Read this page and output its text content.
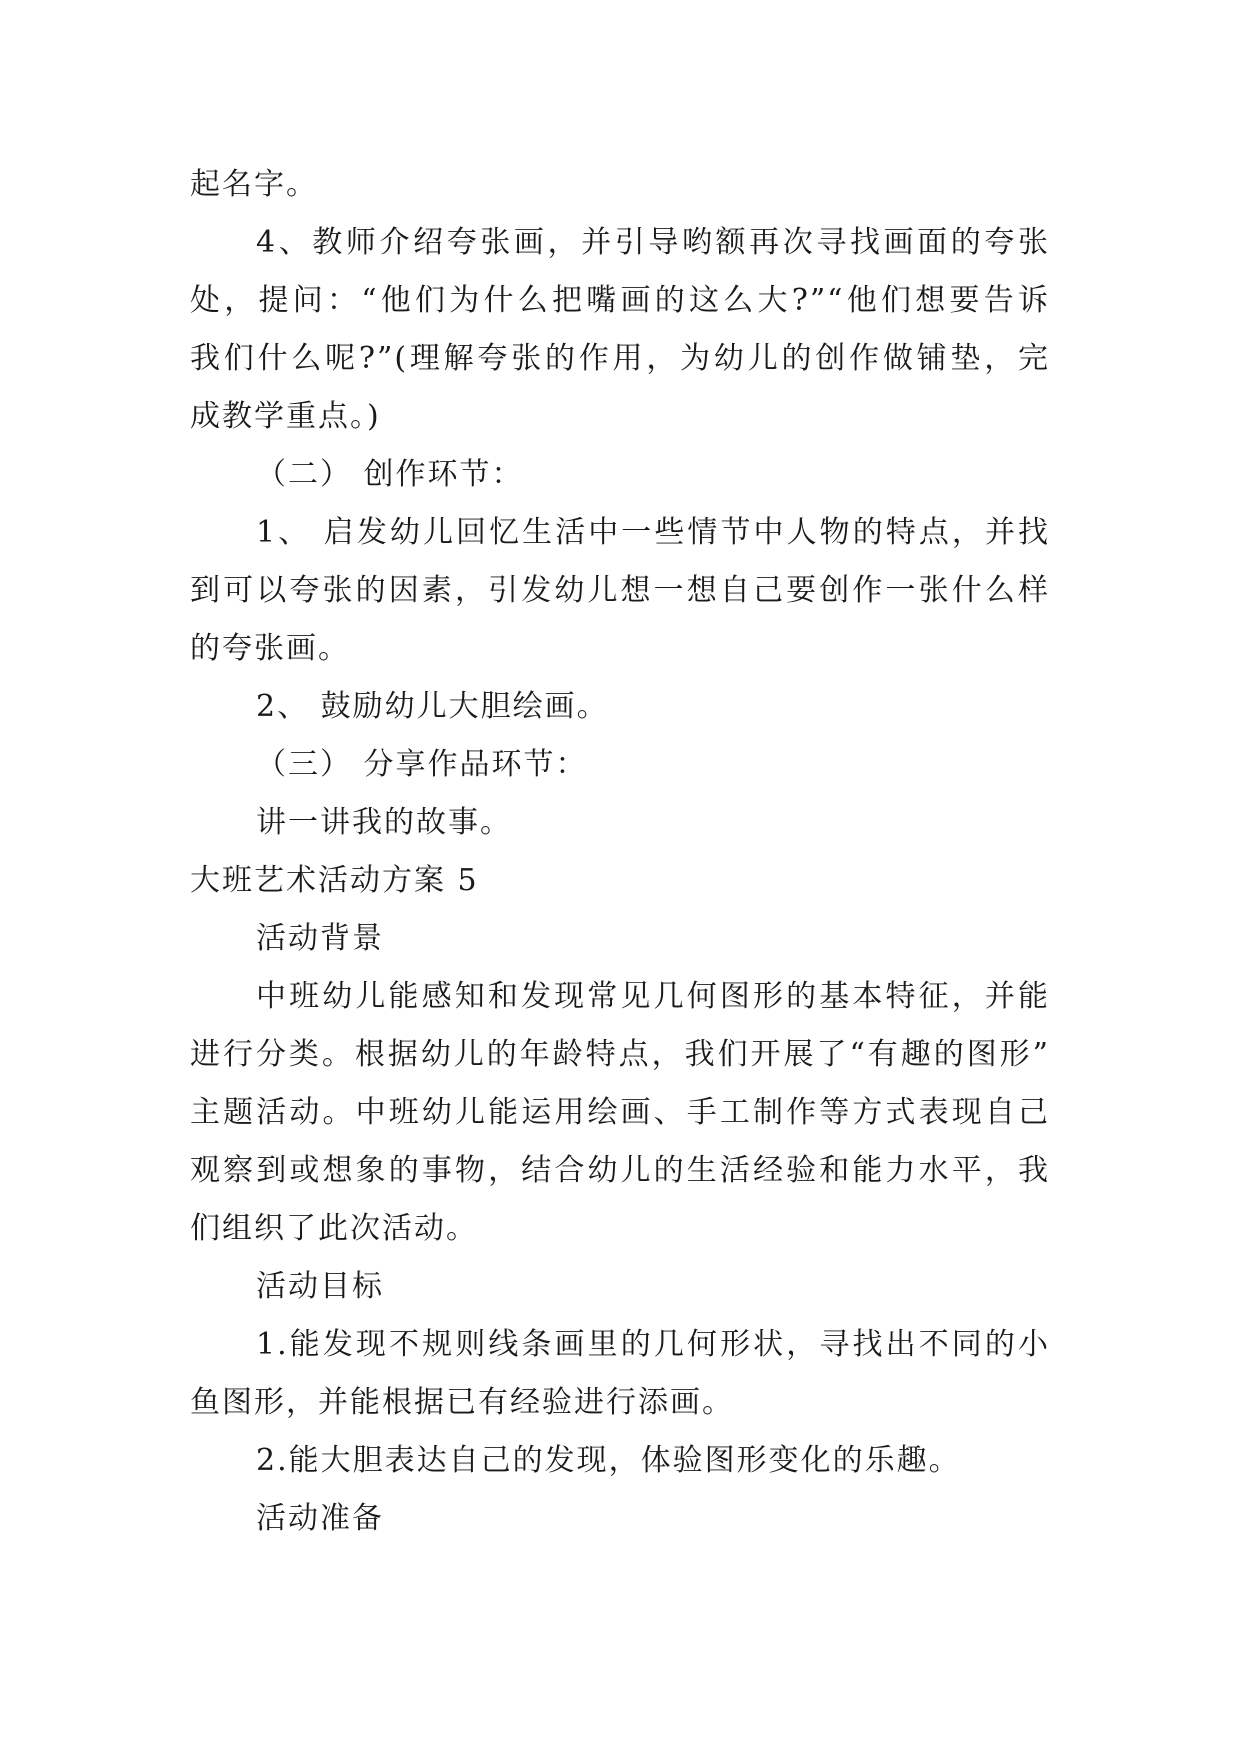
起名字。
4、教师介绍夸张画，并引导哟额再次寻找画面的夸张
处，提问：“他们为什么把嘴画的这么大?”“他们想要告诉
我们什么呢?”(理解夸张的作用，为幼儿的创作做铺垫，完
成教学重点。)
（二） 创作环节：
1、 启发幼儿回忆生活中一些情节中人物的特点，并找
到可以夸张的因素，引发幼儿想一想自己要创作一张什么样
的夸张画。
2、 鼓励幼儿大胆绘画。
（三） 分享作品环节：
讲一讲我的故事。
大班艺术活动方案 5
活动背景
中班幼儿能感知和发现常见几何图形的基本特征，并能
进行分类。根据幼儿的年龄特点，我们开展了“有趣的图形”
主题活动。中班幼儿能运用绘画、手工制作等方式表现自己
观察到或想象的事物，结合幼儿的生活经验和能力水平，我
们组织了此次活动。
活动目标
1.能发现不规则线条画里的几何形状，寻找出不同的小
鱼图形，并能根据已有经验进行添画。
2.能大胆表达自己的发现，体验图形变化的乐趣。
活动准备
